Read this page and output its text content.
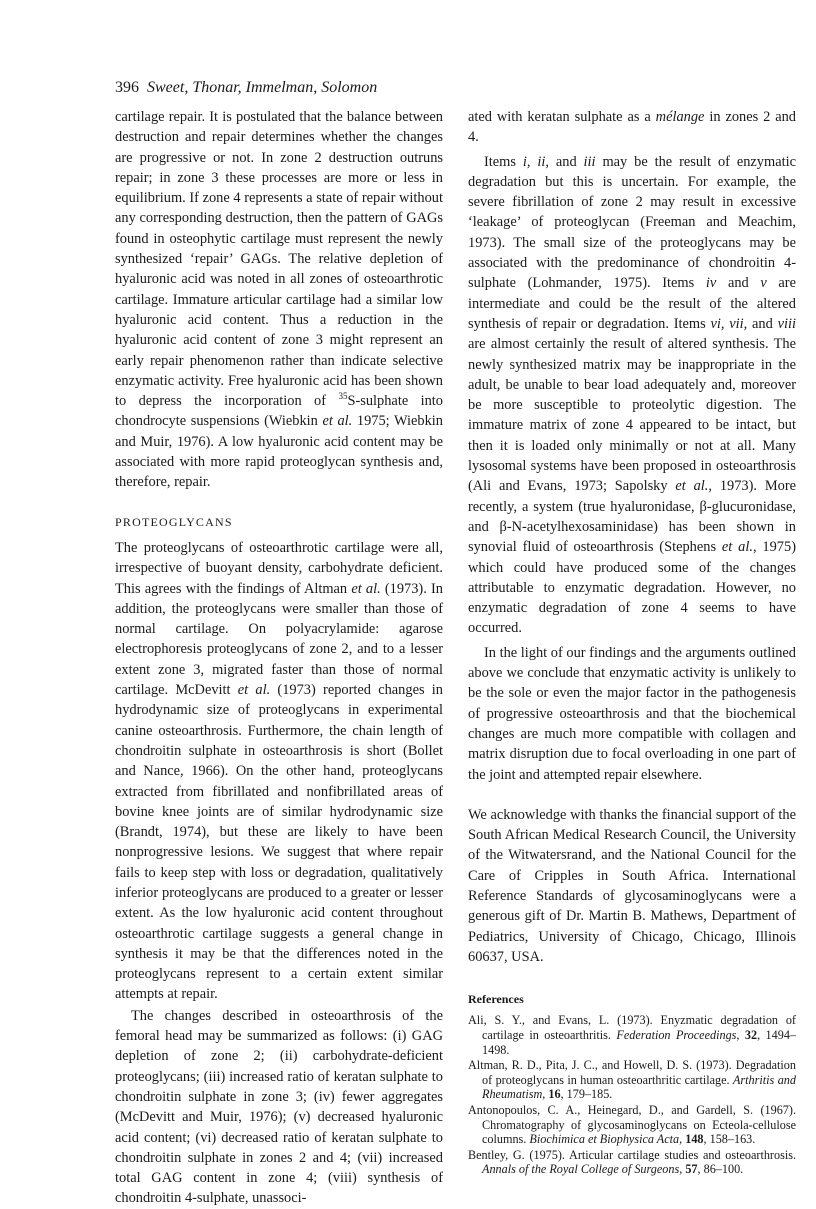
396 Sweet, Thonar, Immelman, Solomon

cartilage repair. It is postulated that the balance between destruction and repair determines whether the changes are progressive or not. In zone 2 destruction outruns repair; in zone 3 these processes are more or less in equilibrium. If zone 4 represents a state of repair without any corresponding destruction, then the pattern of GAGs found in osteophytic cartilage must represent the newly synthesized ‘repair’ GAGs. The relative depletion of hyaluronic acid was noted in all zones of osteoarthrotic cartilage. Immature articular cartilage had a similar low hyaluronic acid content. Thus a reduction in the hyaluronic acid content of zone 3 might represent an early repair phenomenon rather than indicate selective enzymatic activity. Free hyaluronic acid has been shown to depress the incorporation of $^{35}$S-sulphate into chondrocyte suspensions (Wiebkin et al. 1975; Wiebkin and Muir, 1976). A low hyaluronic acid content may be associated with more rapid proteoglycan synthesis and, therefore, repair.

PROTEOGLYCANS

The proteoglycans of osteoarthrotic cartilage were all, irrespective of buoyant density, carbohydrate deficient. This agrees with the findings of Altman et al. (1973). In addition, the proteoglycans were smaller than those of normal cartilage. On polyacrylamide: agarose electrophoresis proteoglycans of zone 2, and to a lesser extent zone 3, migrated faster than those of normal cartilage. McDevitt et al. (1973) reported changes in hydrodynamic size of proteoglycans in experimental canine osteoarthrosis. Furthermore, the chain length of chondroitin sulphate in osteoarthrosis is short (Bollet and Nance, 1966). On the other hand, proteoglycans extracted from fibrillated and nonfibrillated areas of bovine knee joints are of similar hydrodynamic size (Brandt, 1974), but these are likely to have been nonprogressive lesions. We suggest that where repair fails to keep step with loss or degradation, qualitatively inferior proteoglycans are produced to a greater or lesser extent. As the low hyaluronic acid content throughout osteoarthrotic cartilage suggests a general change in synthesis it may be that the differences noted in the proteoglycans represent to a certain extent similar attempts at repair.

The changes described in osteoarthrosis of the femoral head may be summarized as follows: (i) GAG depletion of zone 2; (ii) carbohydrate-deficient proteoglycans; (iii) increased ratio of keratan sulphate to chondroitin sulphate in zone 3; (iv) fewer aggregates (McDevitt and Muir, 1976); (v) decreased hyaluronic acid content; (vi) decreased ratio of keratan sulphate to chondroitin sulphate in zones 2 and 4; (vii) increased total GAG content in zone 4; (viii) synthesis of chondroitin 4-sulphate, unassoci-

ated with keratan sulphate as a mélange in zones 2 and 4.

Items i, ii, and iii may be the result of enzymatic degradation but this is uncertain. For example, the severe fibrillation of zone 2 may result in excessive ‘leakage’ of proteoglycan (Freeman and Meachim, 1973). The small size of the proteoglycans may be associated with the predominance of chondroitin 4-sulphate (Lohmander, 1975). Items iv and v are intermediate and could be the result of the altered synthesis of repair or degradation. Items vi, vii, and viii are almost certainly the result of altered synthesis. The newly synthesized matrix may be inappropriate in the adult, be unable to bear load adequately and, moreover be more susceptible to proteolytic digestion. The immature matrix of zone 4 appeared to be intact, but then it is loaded only minimally or not at all. Many lysosomal systems have been proposed in osteoarthrosis (Ali and Evans, 1973; Sapolsky et al., 1973). More recently, a system (true hyaluronidase, β-glucuronidase, and β-N-acetylhexosaminidase) has been shown in synovial fluid of osteoarthrosis (Stephens et al., 1975) which could have produced some of the changes attributable to enzymatic degradation. However, no enzymatic degradation of zone 4 seems to have occurred.

In the light of our findings and the arguments outlined above we conclude that enzymatic activity is unlikely to be the sole or even the major factor in the pathogenesis of progressive osteoarthrosis and that the biochemical changes are much more compatible with collagen and matrix disruption due to focal overloading in one part of the joint and attempted repair elsewhere.

We acknowledge with thanks the financial support of the South African Medical Research Council, the University of the Witwatersrand, and the National Council for the Care of Cripples in South Africa. International Reference Standards of glycosaminoglycans were a generous gift of Dr. Martin B. Mathews, Department of Pediatrics, University of Chicago, Chicago, Illinois 60637, USA.

References

Ali, S. Y., and Evans, L. (1973). Enyzmatic degradation of cartilage in osteoarthritis. Federation Proceedings, 32, 1494–1498.

Altman, R. D., Pita, J. C., and Howell, D. S. (1973). Degradation of proteoglycans in human osteoarthritic cartilage. Arthritis and Rheumatism, 16, 179–185.

Antonopoulos, C. A., Heinegard, D., and Gardell, S. (1967). Chromatography of glycosaminoglycans on Ecteola-cellulose columns. Biochimica et Biophysica Acta, 148, 158–163.

Bentley, G. (1975). Articular cartilage studies and osteoarthrosis. Annals of the Royal College of Surgeons, 57, 86–100.
